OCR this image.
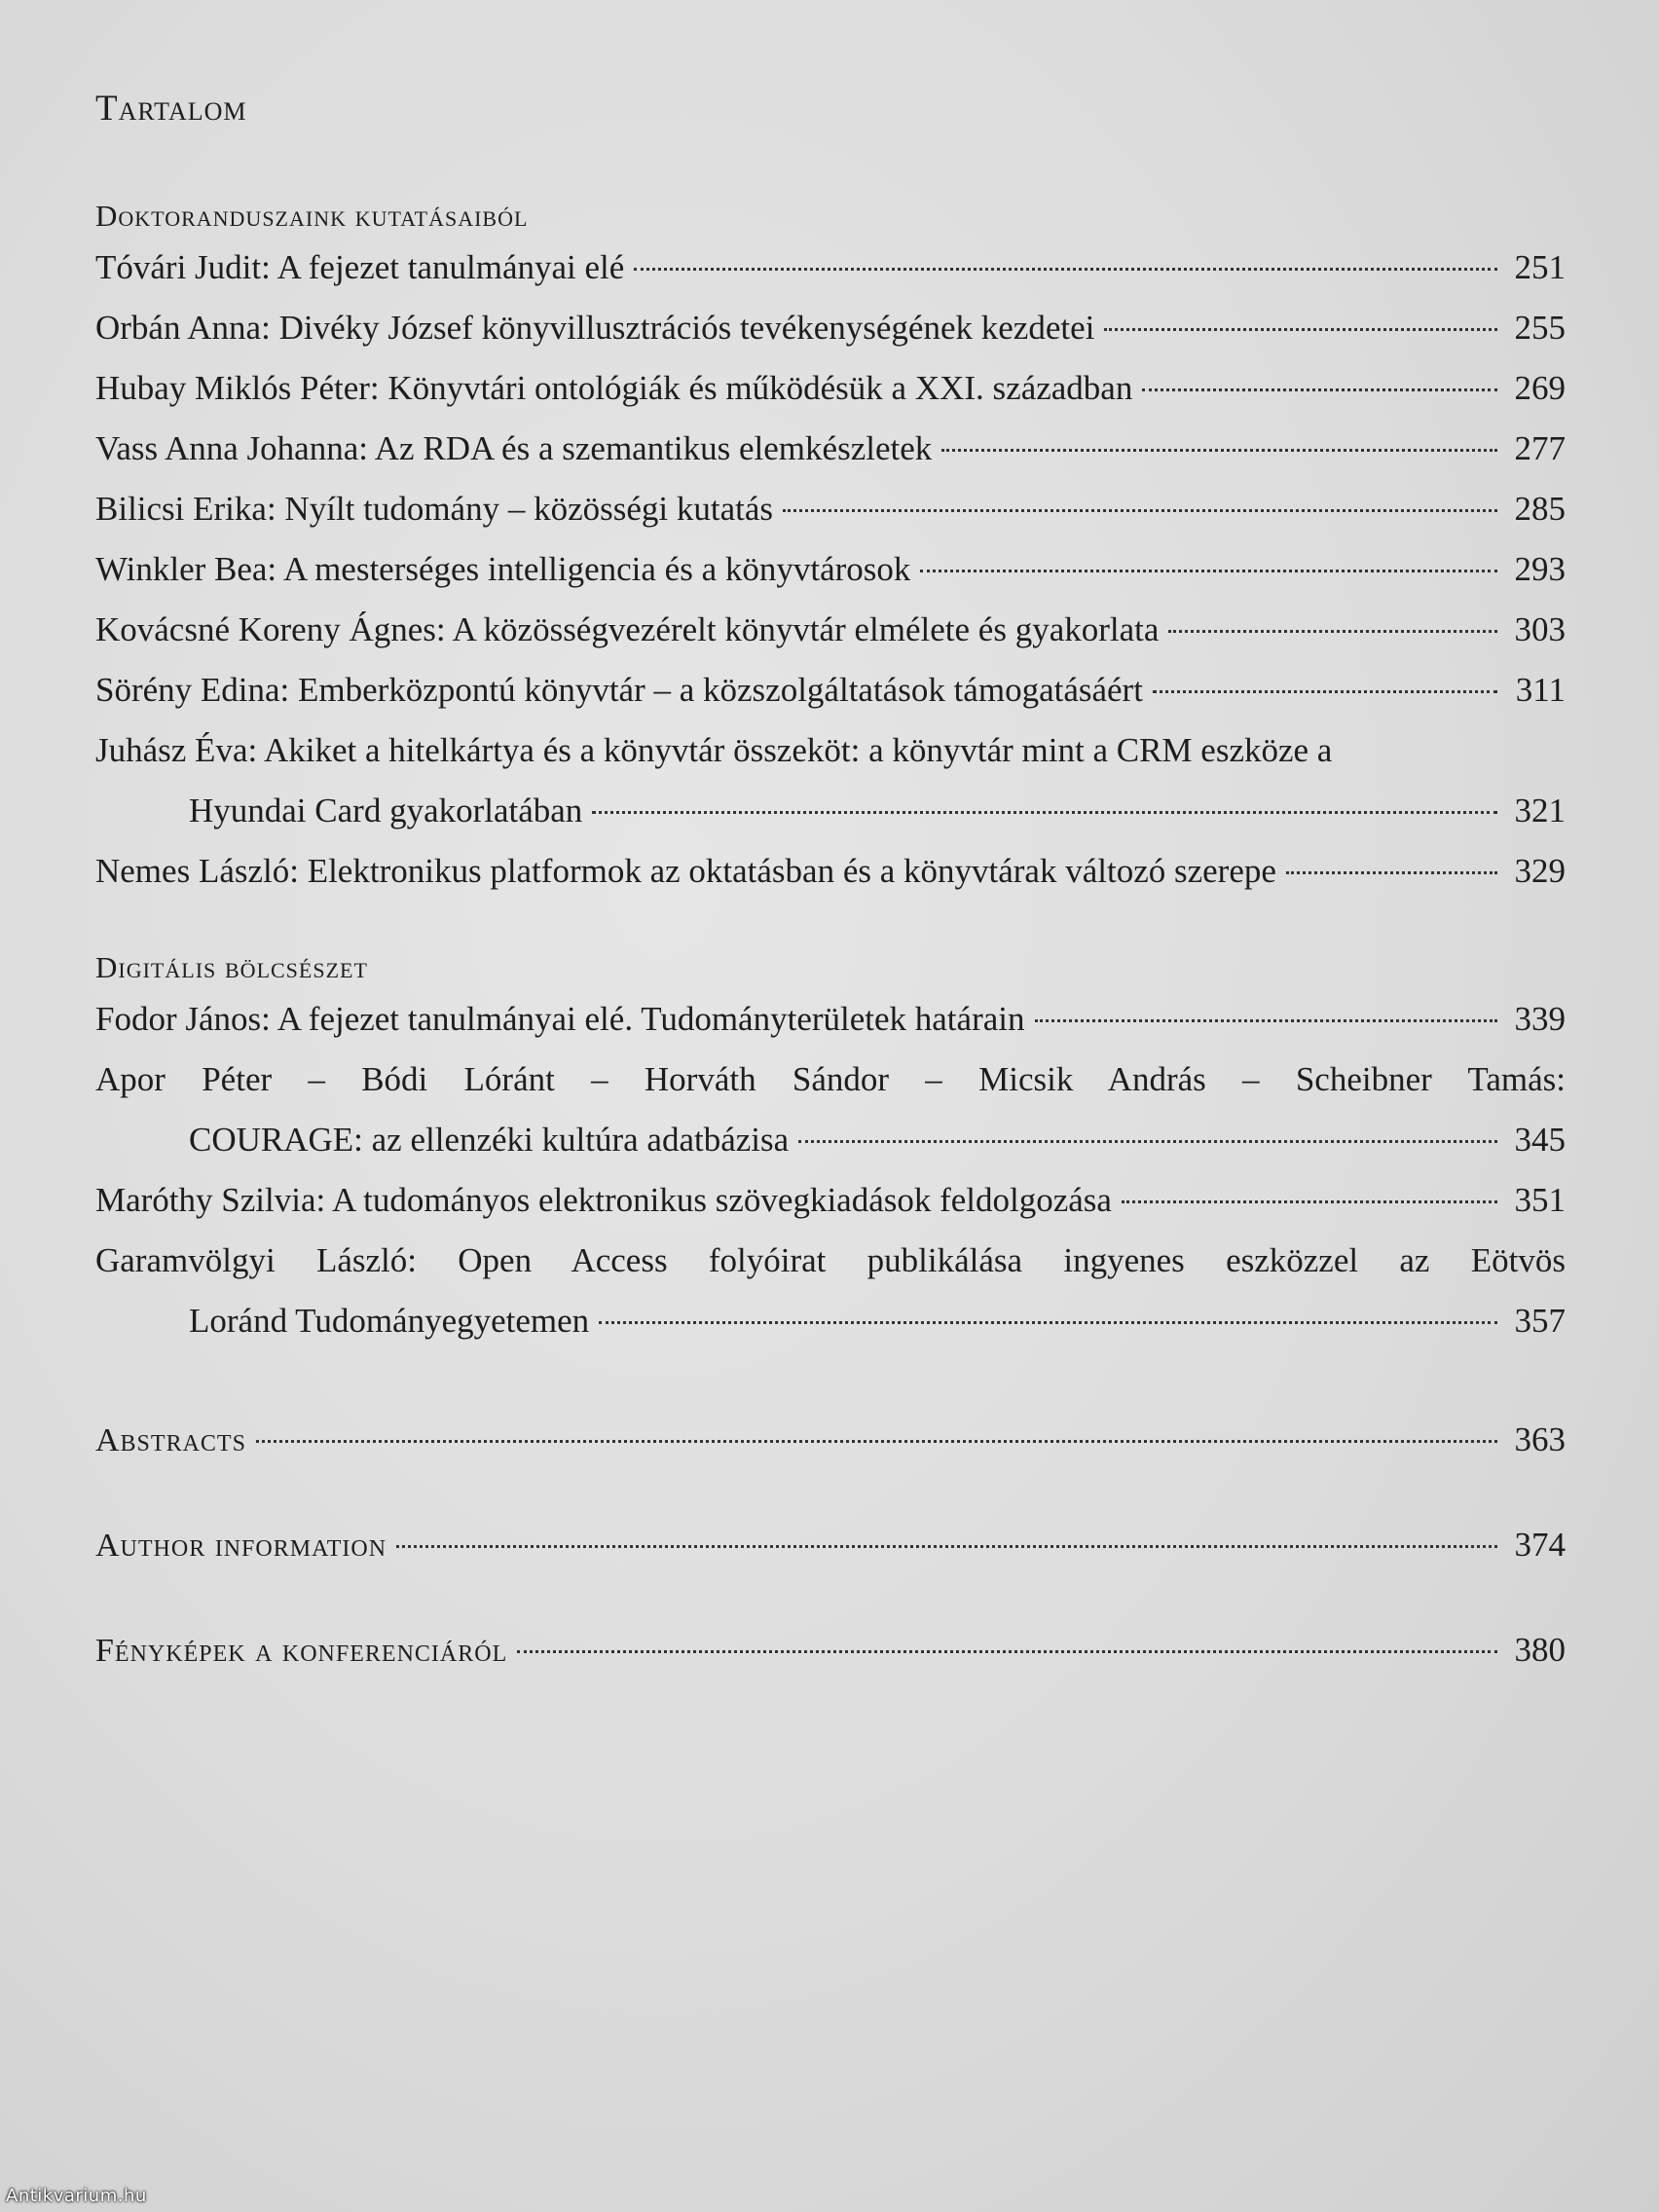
Tartalom
Doktoranduszaink kutatásaiból
Tóvári Judit: A fejezet tanulmányai elé	251
Orbán Anna: Divéky József könyvillusztrációs tevékenységének kezdetei	255
Hubay Miklós Péter: Könyvtári ontológiák és működésük a XXI. században	269
Vass Anna Johanna: Az RDA és a szemantikus elemkészletek	277
Bilicsi Erika: Nyílt tudomány – közösségi kutatás	285
Winkler Bea: A mesterséges intelligencia és a könyvtárosok	293
Kovácsné Koreny Ágnes: A közösségvezérelt könyvtár elmélete és gyakorlata	303
Sörény Edina: Emberközpontú könyvtár – a közszolgáltatások támogatásáért	311
Juhász Éva: Akiket a hitelkártya és a könyvtár összeköt: a könyvtár mint a CRM eszköze a
Hyundai Card gyakorlatában	321
Nemes László: Elektronikus platformok az oktatásban és a könyvtárak változó szerepe	329
Digitális bölcsészet
Fodor János: A fejezet tanulmányai elé. Tudományterületek határain	339
Apor Péter – Bódi Lóránt – Horváth Sándor – Micsik András – Scheibner Tamás:
COURAGE: az ellenzéki kultúra adatbázisa	345
Maróthy Szilvia: A tudományos elektronikus szövegkiadások feldolgozása	351
Garamvölgyi László: Open Access folyóirat publikálása ingyenes eszközzel az Eötvös
Loránd Tudományegyetemen	357
Abstracts	363
Author information	374
Fényképek a konferenciáról	380
Antikvarium.hu
